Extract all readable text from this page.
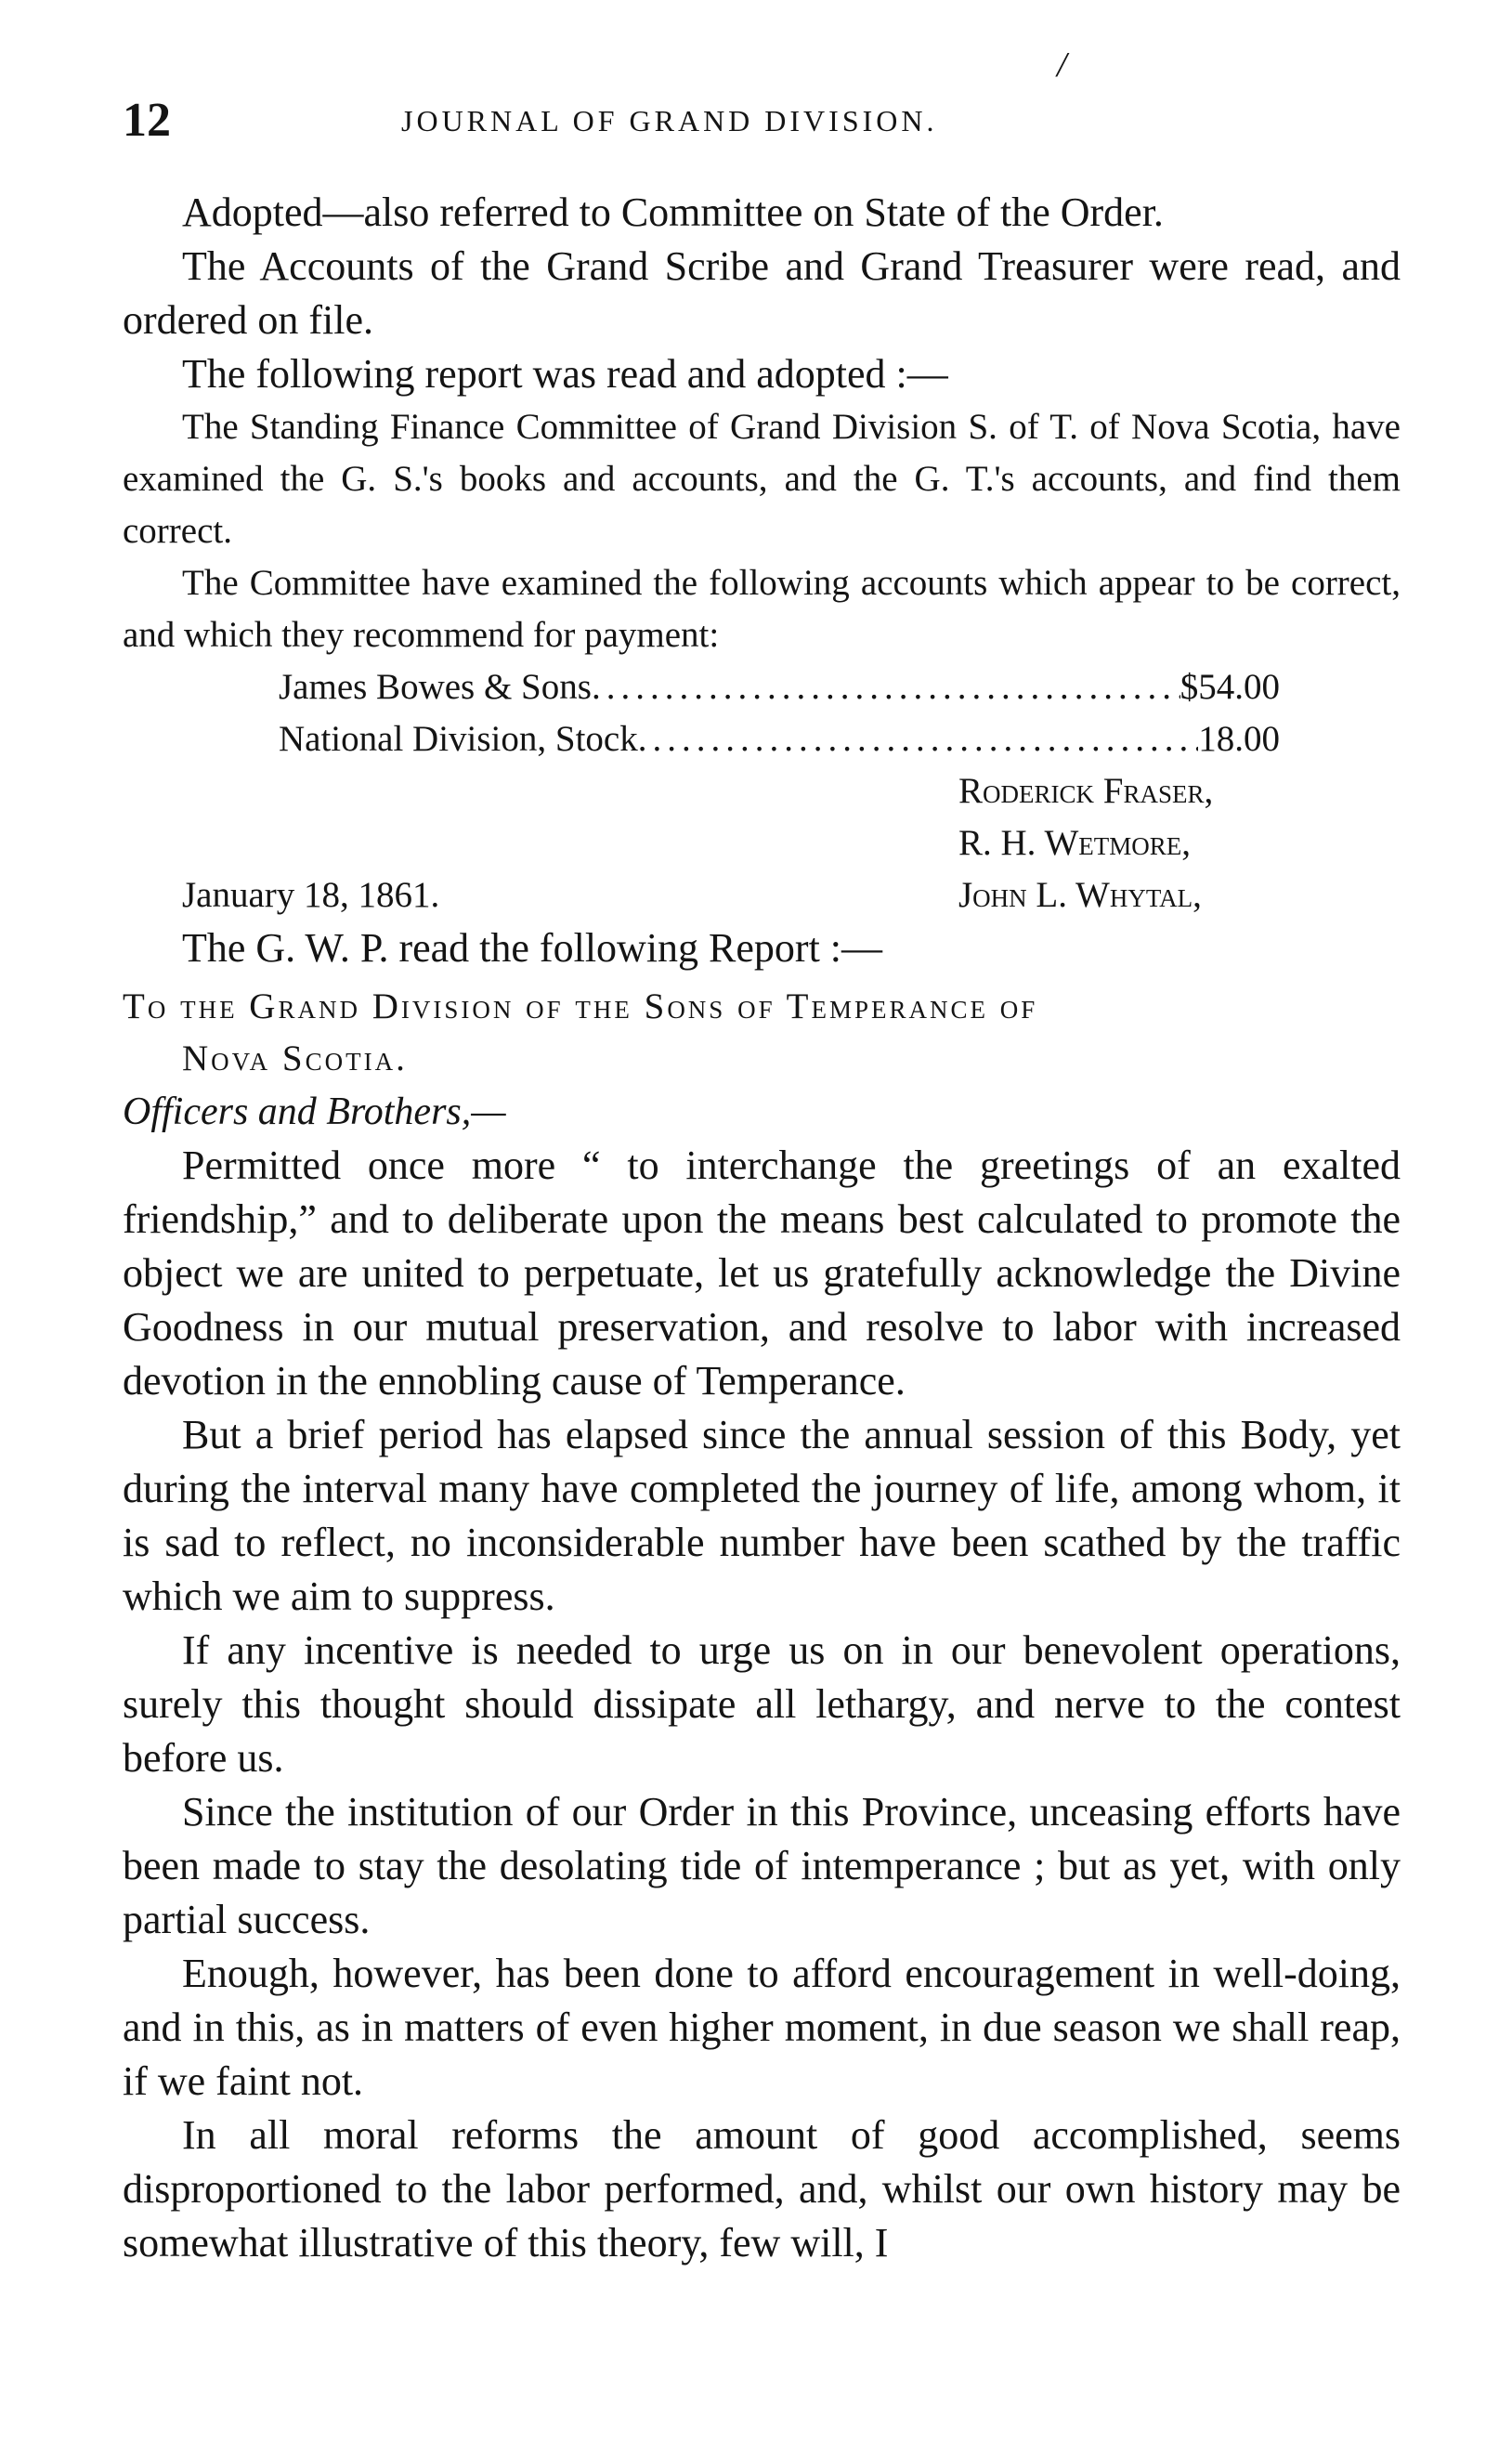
/
12	JOURNAL OF GRAND DIVISION.

Adopted—also referred to Committee on State of the Order.

The Accounts of the Grand Scribe and Grand Treasurer were read, and ordered on file.

The following report was read and adopted :—

The Standing Finance Committee of Grand Division S. of T. of Nova Scotia, have examined the G. S.'s books and accounts, and the G. T.'s accounts, and find them correct.

The Committee have examined the following accounts which appear to be correct, and which they recommend for payment:

James Bowes & Sons .....	$54.00
National Division, Stock .....	18.00
Roderick Fraser,
R. H. Wetmore,
January 18, 1861.	John L. Whytal,

The G. W. P. read the following Report :—

To the Grand Division of the Sons of Temperance of
Nova Scotia.

Officers and Brothers,—

Permitted once more “ to interchange the greetings of an exalted friendship,” and to deliberate upon the means best calculated to promote the object we are united to perpetuate, let us gratefully acknowledge the Divine Goodness in our mutual preservation, and resolve to labor with increased devotion in the ennobling cause of Temperance.

But a brief period has elapsed since the annual session of this Body, yet during the interval many have completed the journey of life, among whom, it is sad to reflect, no inconsiderable number have been scathed by the traffic which we aim to suppress.

If any incentive is needed to urge us on in our benevolent operations, surely this thought should dissipate all lethargy, and nerve to the contest before us.

Since the institution of our Order in this Province, unceasing efforts have been made to stay the desolating tide of intemperance ; but as yet, with only partial success.

Enough, however, has been done to afford encouragement in well-doing, and in this, as in matters of even higher moment, in due season we shall reap, if we faint not.

In all moral reforms the amount of good accomplished, seems disproportioned to the labor performed, and, whilst our own history may be somewhat illustrative of this theory, few will, I
